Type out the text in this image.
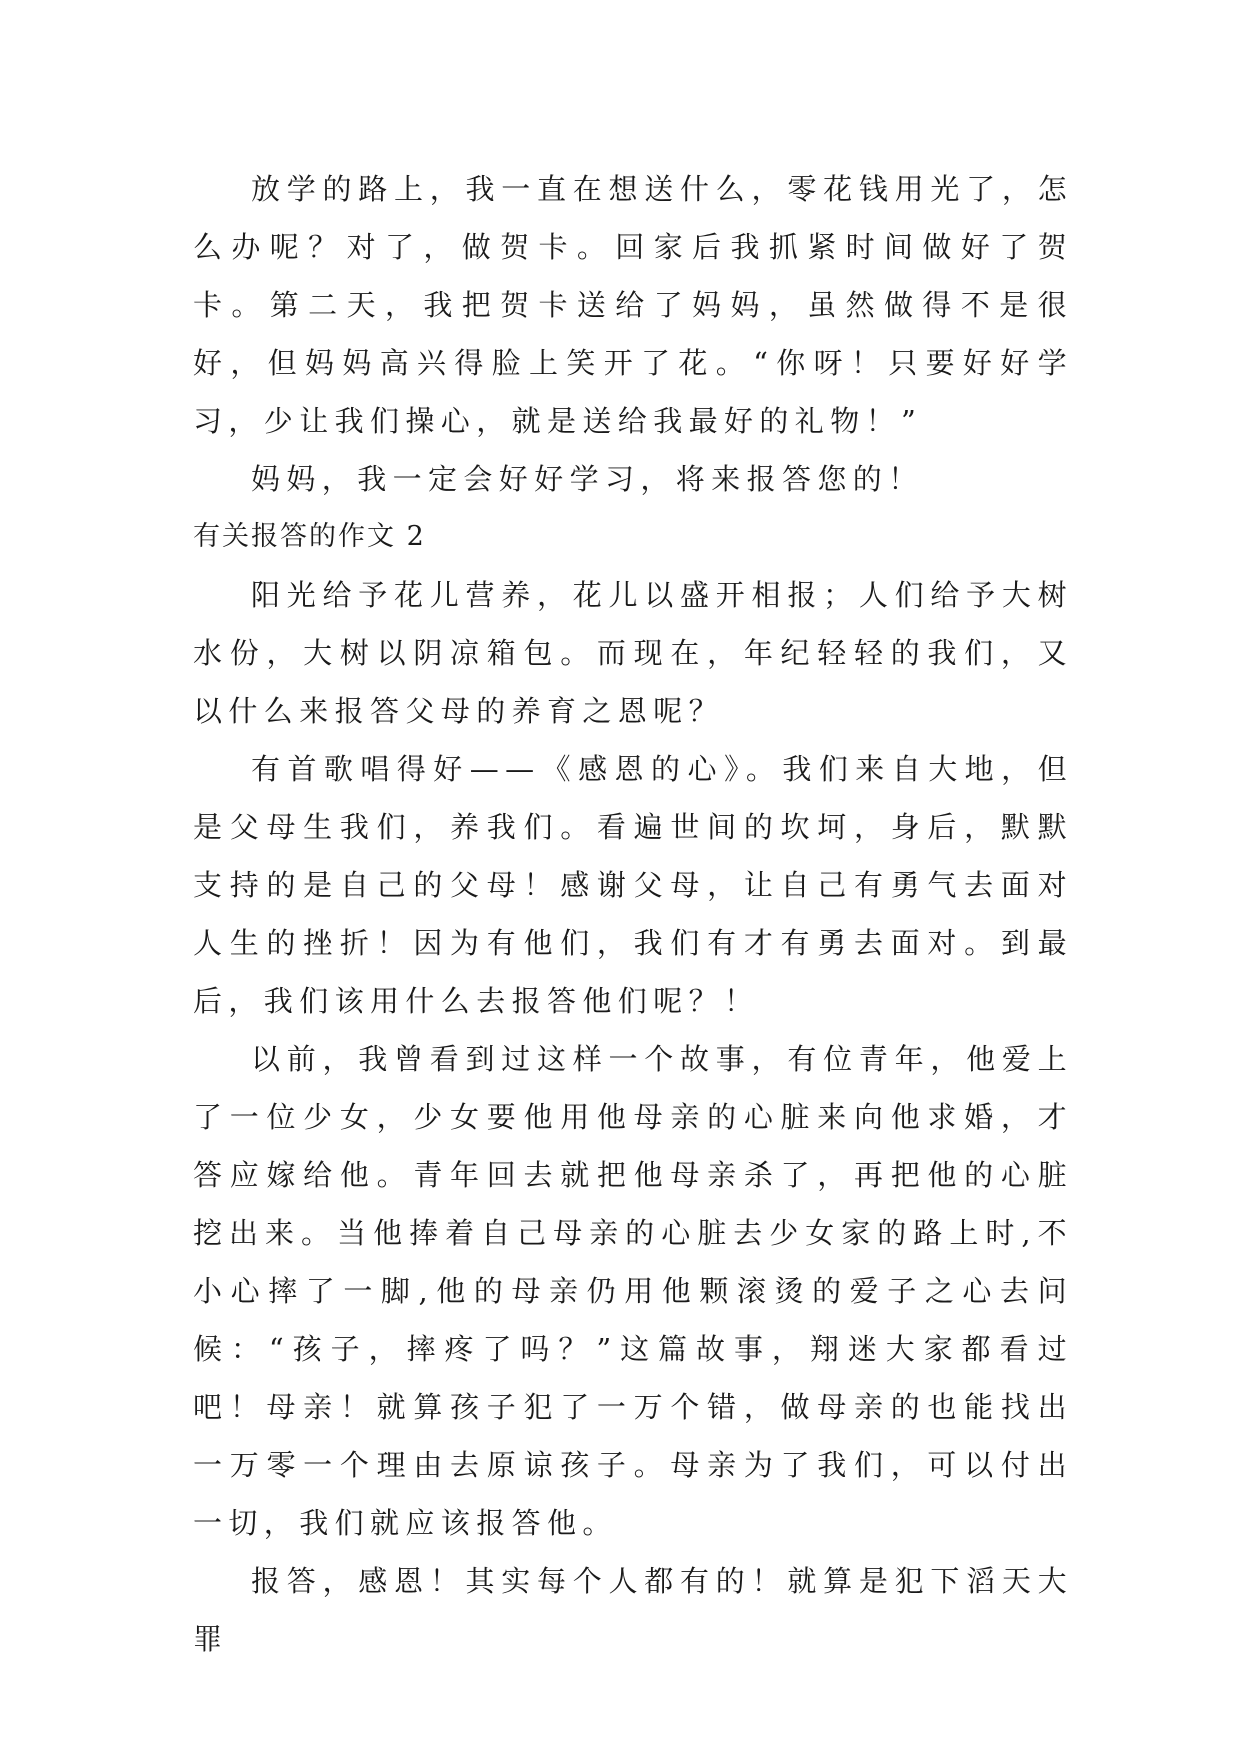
放学的路上，我一直在想送什么，零花钱用光了，怎么办呢？对了，做贺卡。回家后我抓紧时间做好了贺卡。第二天，我把贺卡送给了妈妈，虽然做得不是很好，但妈妈高兴得脸上笑开了花。“你呀！只要好好学习，少让我们操心，就是送给我最好的礼物！”

妈妈，我一定会好好学习，将来报答您的！

有关报答的作文 2

阳光给予花儿营养，花儿以盛开相报；人们给予大树水份，大树以阴凉箱包。而现在，年纪轻轻的我们，又以什么来报答父母的养育之恩呢？

有首歌唱得好——《感恩的心》。我们来自大地，但是父母生我们，养我们。看遍世间的坎坷，身后，默默支持的是自己的父母！感谢父母，让自己有勇气去面对人生的挫折！因为有他们，我们有才有勇去面对。到最后，我们该用什么去报答他们呢？！

以前，我曾看到过这样一个故事，有位青年，他爱上了一位少女，少女要他用他母亲的心脏来向他求婚，才答应嫁给他。青年回去就把他母亲杀了，再把他的心脏挖出来。当他捧着自己母亲的心脏去少女家的路上时,不小心摔了一脚,他的母亲仍用他颗滚烫的爱子之心去问候：“孩子，摔疼了吗？”这篇故事，翔迷大家都看过吧！母亲！就算孩子犯了一万个错，做母亲的也能找出一万零一个理由去原谅孩子。母亲为了我们，可以付出一切，我们就应该报答他。

报答，感恩！其实每个人都有的！就算是犯下滔天大罪
